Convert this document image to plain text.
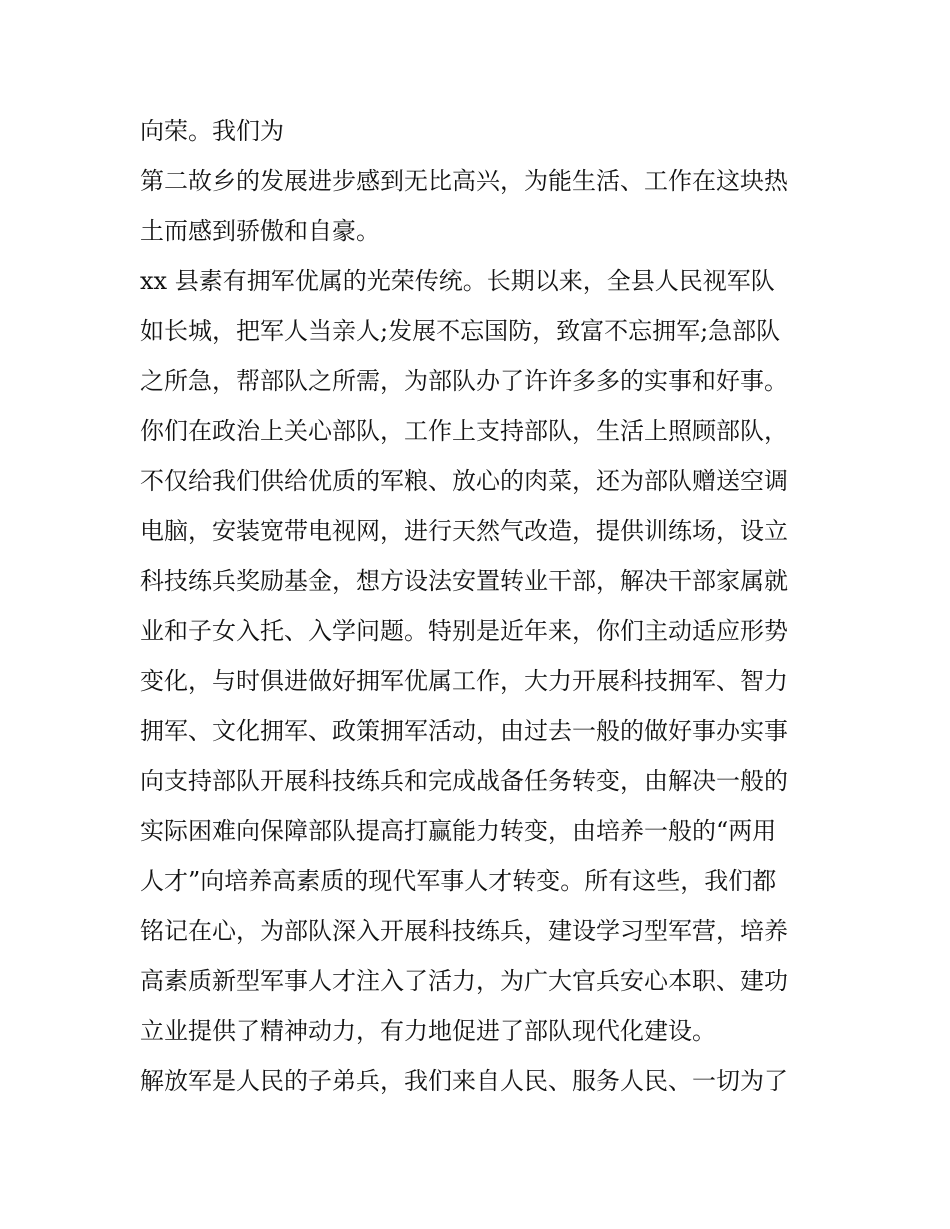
向荣。我们为
第二故乡的发展进步感到无比高兴，为能生活、工作在这块热
土而感到骄傲和自豪。
xx 县素有拥军优属的光荣传统。长期以来，全县人民视军队
如长城，把军人当亲人;发展不忘国防，致富不忘拥军;急部队
之所急，帮部队之所需，为部队办了许许多多的实事和好事。
你们在政治上关心部队，工作上支持部队，生活上照顾部队，
不仅给我们供给优质的军粮、放心的肉菜，还为部队赠送空调
电脑，安装宽带电视网，进行天然气改造，提供训练场，设立
科技练兵奖励基金，想方设法安置转业干部，解决干部家属就
业和子女入托、入学问题。特别是近年来，你们主动适应形势
变化，与时俱进做好拥军优属工作，大力开展科技拥军、智力
拥军、文化拥军、政策拥军活动，由过去一般的做好事办实事
向支持部队开展科技练兵和完成战备任务转变，由解决一般的
实际困难向保障部队提高打赢能力转变，由培养一般的“两用
人才”向培养高素质的现代军事人才转变。所有这些，我们都
铭记在心，为部队深入开展科技练兵，建设学习型军营，培养
高素质新型军事人才注入了活力，为广大官兵安心本职、建功
立业提供了精神动力，有力地促进了部队现代化建设。
解放军是人民的子弟兵，我们来自人民、服务人民、一切为了
